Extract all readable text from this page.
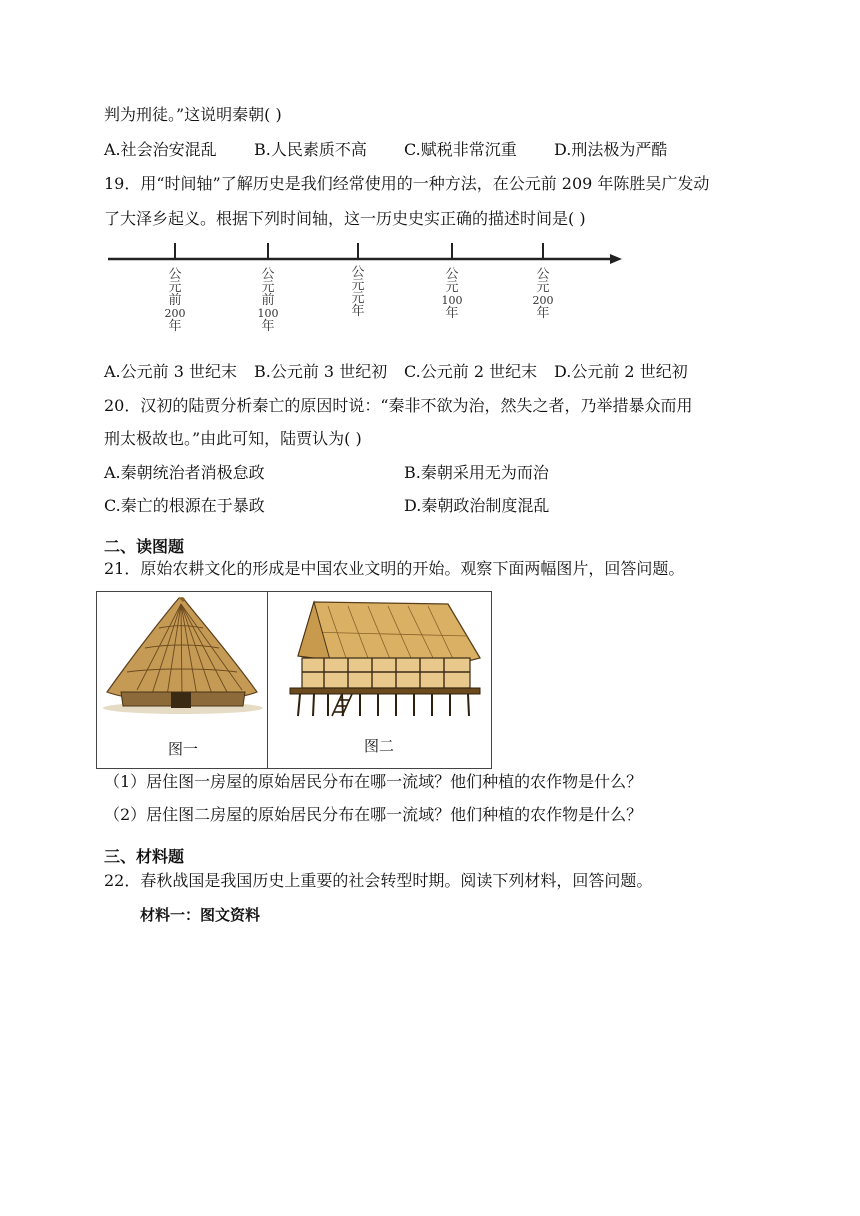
判为刑徒。”这说明秦朝( )
A.社会治安混乱 B.人民素质不高 C.赋税非常沉重 D.刑法极为严酷
19．用“时间轴”了解历史是我们经常使用的一种方法，在公元前 209 年陈胜吴广发动
了大泽乡起义。根据下列时间轴，这一历史史实正确的描述时间是( )
公
元
前
200
年
公
元
前
100
年
公
元
元
年
公
元
100
年
公
元
200
年
A.公元前 3 世纪末 B.公元前 3 世纪初 C.公元前 2 世纪末 D.公元前 2 世纪初
20．汉初的陆贾分析秦亡的原因时说：“秦非不欲为治，然失之者，乃举措暴众而用
刑太极故也。”由此可知，陆贾认为( )
A.秦朝统治者消极怠政	B.秦朝采用无为而治
C.秦亡的根源在于暴政	D.秦朝政治制度混乱
二、读图题
21．原始农耕文化的形成是中国农业文明的开始。观察下面两幅图片，回答问题。
图一	图二
（1）居住图一房屋的原始居民分布在哪一流域？他们种植的农作物是什么？
（2）居住图二房屋的原始居民分布在哪一流域？他们种植的农作物是什么？
三、材料题
22．春秋战国是我国历史上重要的社会转型时期。阅读下列材料，回答问题。
材料一：图文资料
